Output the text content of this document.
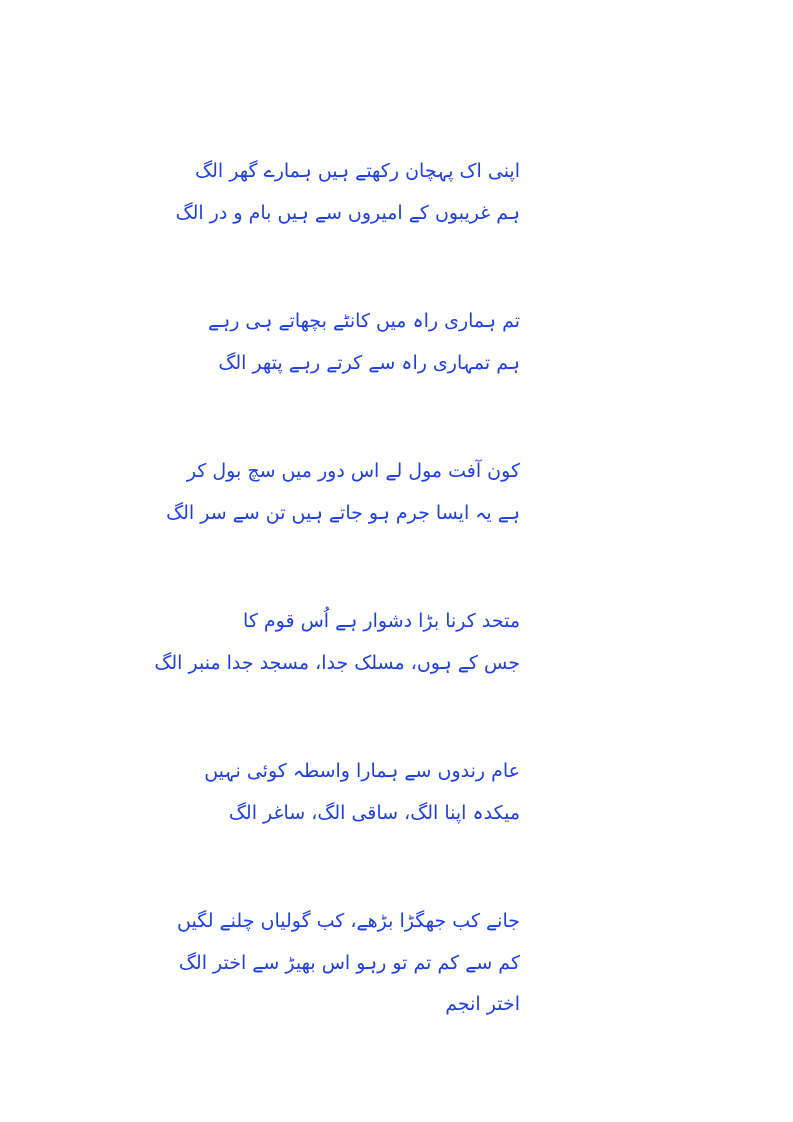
اپنی اک پہچان رکھتے ہیں ہمارے گھر الگ
ہم غریبوں کے امیروں سے ہیں بام و در الگ
تم ہماری راہ میں کانٹے بچھاتے ہی رہے
ہم تمہاری راہ سے کرتے رہے پتھر الگ
کون آفت مول لے اس دور میں سچ بول کر
ہے یہ ایسا جرم ہو جاتے ہیں تن سے سر الگ
متحد کرنا بڑا دشوار ہے اُس قوم کا
جس کے ہوں، مسلک جدا، مسجد جدا منبر الگ
عام رندوں سے ہمارا واسطہ کوئی نہیں
میکدہ اپنا الگ، ساقی الگ، ساغر الگ
جانے کب جھگڑا بڑھے، کب گولیاں چلنے لگیں
کم سے کم تم تو رہو اس بھیڑ سے اختر الگ
اختر انجم
